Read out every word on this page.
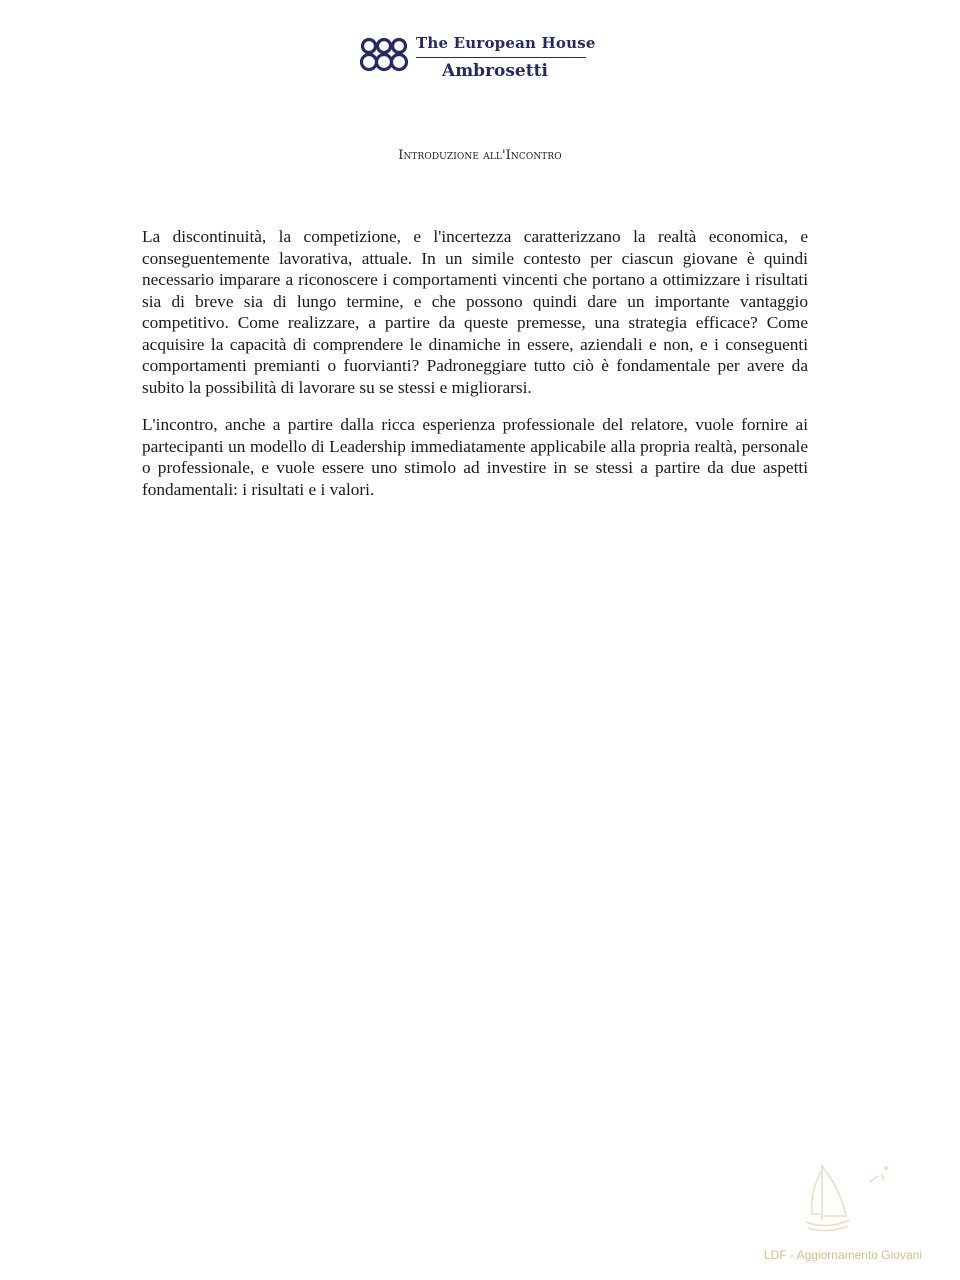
The European House
Ambrosetti
Introduzione all'Incontro

La discontinuità, la competizione, e l'incertezza caratterizzano la realtà economica, e conseguentemente lavorativa, attuale. In un simile contesto per ciascun giovane è quindi necessario imparare a riconoscere i comportamenti vincenti che portano a ottimizzare i risultati sia di breve sia di lungo termine, e che possono quindi dare un importante vantaggio competitivo. Come realizzare, a partire da queste premesse, una strategia efficace? Come acquisire la capacità di comprendere le dinamiche in essere, aziendali e non, e i conseguenti comportamenti premianti o fuorvianti? Padroneggiare tutto ciò è fondamentale per avere da subito la possibilità di lavorare su se stessi e migliorarsi.

L'incontro, anche a partire dalla ricca esperienza professionale del relatore, vuole fornire ai partecipanti un modello di Leadership immediatamente applicabile alla propria realtà, personale o professionale, e vuole essere uno stimolo ad investire in se stessi a partire da due aspetti fondamentali: i risultati e i valori.

LDF - Aggiornamento Giovani
